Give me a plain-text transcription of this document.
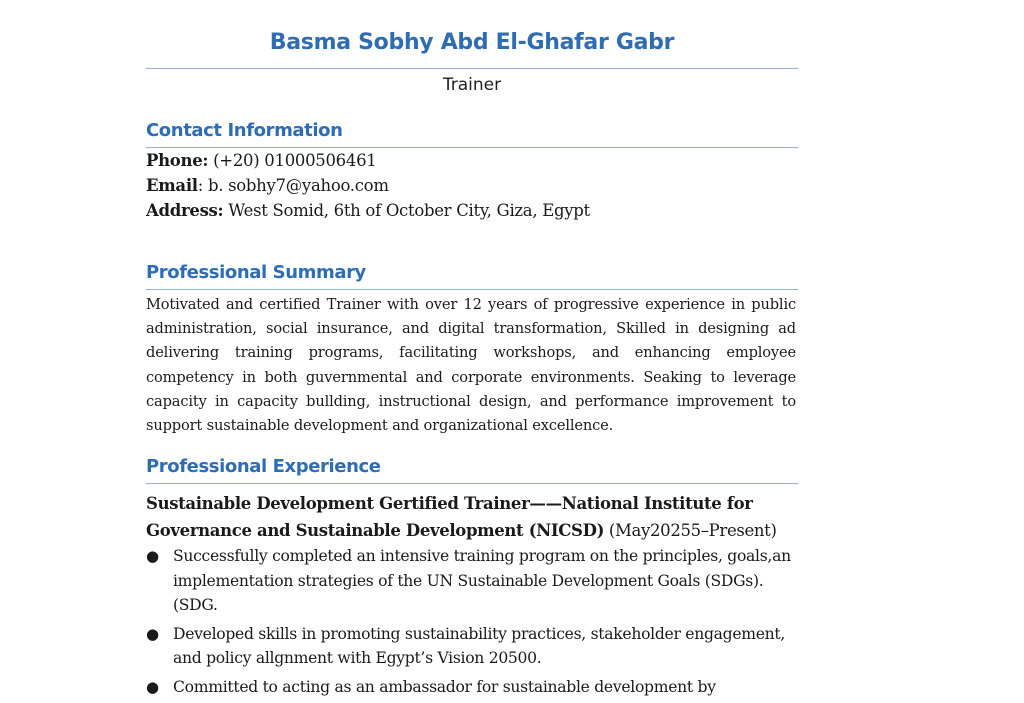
Basma Sobhy Abd El-Ghafar Gabr
Trainer
Contact Information
Phone: (+20) 01000506461
Email: b. sobhy7@yahoo.com
Address: West Somid, 6th of October City, Giza, Egypt
Professional Summary
Motivated and certified Trainer with over 12 years of progressive experience in public administration, social insurance, and digital transformation, Skilled in designing ad delivering training programs, facilitating workshops, and enhancing employee competency in both guvernmental and corporate environments. Seaking to leverage capacity in capacity bullding, instructional design, and performance improvement to support sustainable development and organizational excellence.
Professional Experience
Sustainable Development Gertified Trainer——National Institute for Governance and Sustainable Development (NICSD) (May20255–Present)
● Successfully completed an intensive training program on the principles, goals,an implementation strategies of the UN Sustainable Development Goals (SDGs). (SDG.
● Developed skills in promoting sustainability practices, stakeholder engagement, and policy allgnment with Egypt’s Vision 20500.
● Committed to acting as an ambassador for sustainable development by
